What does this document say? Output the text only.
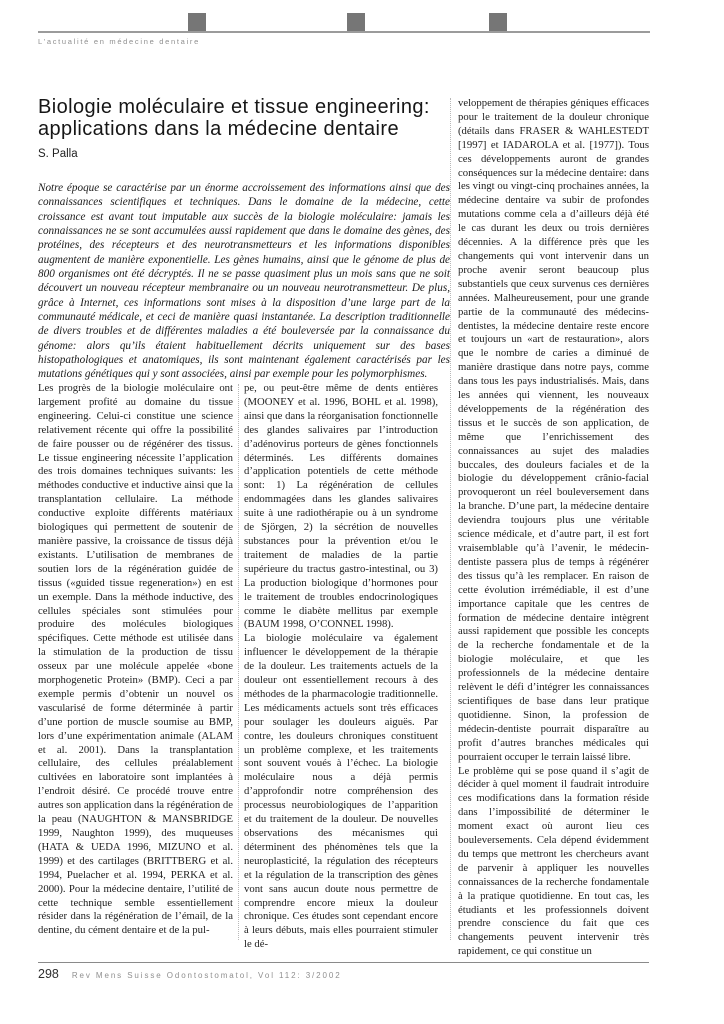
L’actualité en médecine dentaire

Biologie moléculaire et tissue engineering:

applications dans la médecine dentaire

S. Palla

Notre époque se caractérise par un énorme accroissement des informations ainsi que des connaissances scientifiques et techniques. Dans le domaine de la médecine, cette croissance est avant tout imputable aux succès de la biologie moléculaire: jamais les connaissances ne se sont accumulées aussi rapidement que dans le domaine des gènes, des protéines, des récepteurs et des neurotransmetteurs et les informations disponibles augmentent de manière exponentielle. Les gènes humains, ainsi que le génome de plus de 800 organismes ont été décryptés. Il ne se passe quasiment plus un mois sans que ne soit découvert un nouveau récepteur membranaire ou un nouveau neurotransmetteur. De plus, grâce à Internet, ces informations sont mises à la disposition d’une large part de la communauté médicale, et ceci de manière quasi instantanée. La description traditionnelle de divers troubles et de différentes maladies a été bouleversée par la connaissance du génome: alors qu’ils étaient habituellement décrits uniquement sur des bases histopathologiques et anatomiques, ils sont maintenant également caractérisés par les mutations génétiques qui y sont associées, ainsi par exemple pour les polymorphismes.

Les progrès de la biologie moléculaire ont largement profité au domaine du tissue engineering. Celui-ci constitue une science relativement récente qui offre la possibilité de faire pousser ou de régénérer des tissus. Le tissue engineering nécessite l’application des trois domaines techniques suivants: les méthodes conductive et inductive ainsi que la transplantation cellulaire. La méthode conductive exploite différents matériaux biologiques qui permettent de soutenir de manière passive, la croissance de tissus déjà existants. L’utilisation de membranes de soutien lors de la régénération guidée de tissus («guided tissue regeneration») en est un exemple. Dans la méthode inductive, des cellules spéciales sont stimulées pour produire des molécules biologiques spécifiques. Cette méthode est utilisée dans la stimulation de la production de tissu osseux par une molécule appelée «bone morphogenetic Protein» (BMP). Ceci a par exemple permis d’obtenir un nouvel os vascularisé de forme déterminée à partir d’une portion de muscle soumise au BMP, lors d’une expérimentation animale (ALAM et al. 2001). Dans la transplantation cellulaire, des cellules préalablement cultivées en laboratoire sont implantées à l’endroit désiré. Ce procédé trouve entre autres son application dans la régénération de la peau (NAUGHTON & MANSBRIDGE 1999, Naughton 1999), des muqueuses (HATA & UEDA 1996, MIZUNO et al. 1999) et des cartilages (BRITTBERG et al. 1994, Puelacher et al. 1994, PERKA et al. 2000). Pour la médecine dentaire, l’utilité de cette technique semble essentiellement résider dans la régénération de l’émail, de la dentine, du cément dentaire et de la pul-

pe, ou peut-être même de dents entières (MOONEY et al. 1996, BOHL et al. 1998), ainsi que dans la réorganisation fonctionnelle des glandes salivaires par l’introduction d’adénovirus porteurs de gènes fonctionnels déterminés. Les différents domaines d’application potentiels de cette méthode sont: 1) La régénération de cellules endommagées dans les glandes salivaires suite à une radiothérapie ou à un syndrome de Sjörgen, 2) la sécrétion de nouvelles substances pour la prévention et/ou le traitement de maladies de la partie supérieure du tractus gastro-intestinal, ou 3) La production biologique d’hormones pour le traitement de troubles endocrinologiques comme le diabète mellitus par exemple (BAUM 1998, O’CONNEL 1998).

La biologie moléculaire va également influencer le développement de la thérapie de la douleur. Les traitements actuels de la douleur ont essentiellement recours à des méthodes de la pharmacologie traditionnelle. Les médicaments actuels sont très efficaces pour soulager les douleurs aiguës. Par contre, les douleurs chroniques constituent un problème complexe, et les traitements sont souvent voués à l’échec. La biologie moléculaire nous a déjà permis d’approfondir notre compréhension des processus neurobiologiques de l’apparition et du traitement de la douleur. De nouvelles observations des mécanismes qui déterminent des phénomènes tels que la neuroplasticité, la régulation des récepteurs et la régulation de la transcription des gènes vont sans aucun doute nous permettre de comprendre encore mieux la douleur chronique. Ces études sont cependant encore à leurs débuts, mais elles pourraient stimuler le dé-

veloppement de thérapies géniques efficaces pour le traitement de la douleur chronique (détails dans FRASER & WAHLESTEDT [1997] et IADAROLA et al. [1977]). Tous ces développements auront de grandes conséquences sur la médecine dentaire: dans les vingt ou vingt-cinq prochaines années, la médecine dentaire va subir de profondes mutations comme cela a d’ailleurs déjà été le cas durant les deux ou trois dernières décennies. A la différence près que les changements qui vont intervenir dans un proche avenir seront beaucoup plus substantiels que ceux survenus ces dernières années. Malheureusement, pour une grande partie de la communauté des médecins-dentistes, la médecine dentaire reste encore et toujours un «art de restauration», alors que le nombre de caries a diminué de manière drastique dans notre pays, comme dans tous les pays industrialisés. Mais, dans les années qui viennent, les nouveaux développements de la régénération des tissus et le succès de son application, de même que l’enrichissement des connaissances au sujet des maladies buccales, des douleurs faciales et de la biologie du développement crânio-facial provoqueront un réel bouleversement dans la branche. D’une part, la médecine dentaire deviendra toujours plus une véritable science médicale, et d’autre part, il est fort vraisemblable qu’à l’avenir, le médecin-dentiste passera plus de temps à régénérer des tissus qu’à les remplacer. En raison de cette évolution irrémédiable, il est d’une importance capitale que les centres de formation de médecine dentaire intègrent aussi rapidement que possible les concepts de la recherche fondamentale et de la biologie moléculaire, et que les professionnels de la médecine dentaire relèvent le défi d’intégrer les connaissances scientifiques de base dans leur pratique quotidienne. Sinon, la profession de médecin-dentiste pourrait disparaître au profit d’autres branches médicales qui pourraient occuper le terrain laissé libre.

Le problème qui se pose quand il s’agit de décider à quel moment il faudrait introduire ces modifications dans la formation réside dans l’impossibilité de déterminer le moment exact où auront lieu ces bouleversements. Cela dépend évidemment du temps que mettront les chercheurs avant de parvenir à appliquer les nouvelles connaissances de la recherche fondamentale à la pratique quotidienne. En tout cas, les étudiants et les professionnels doivent prendre conscience du fait que ces changements peuvent intervenir très rapidement, ce qui constitue un

298 Rev Mens Suisse Odontostomatol, Vol 112: 3/2002
